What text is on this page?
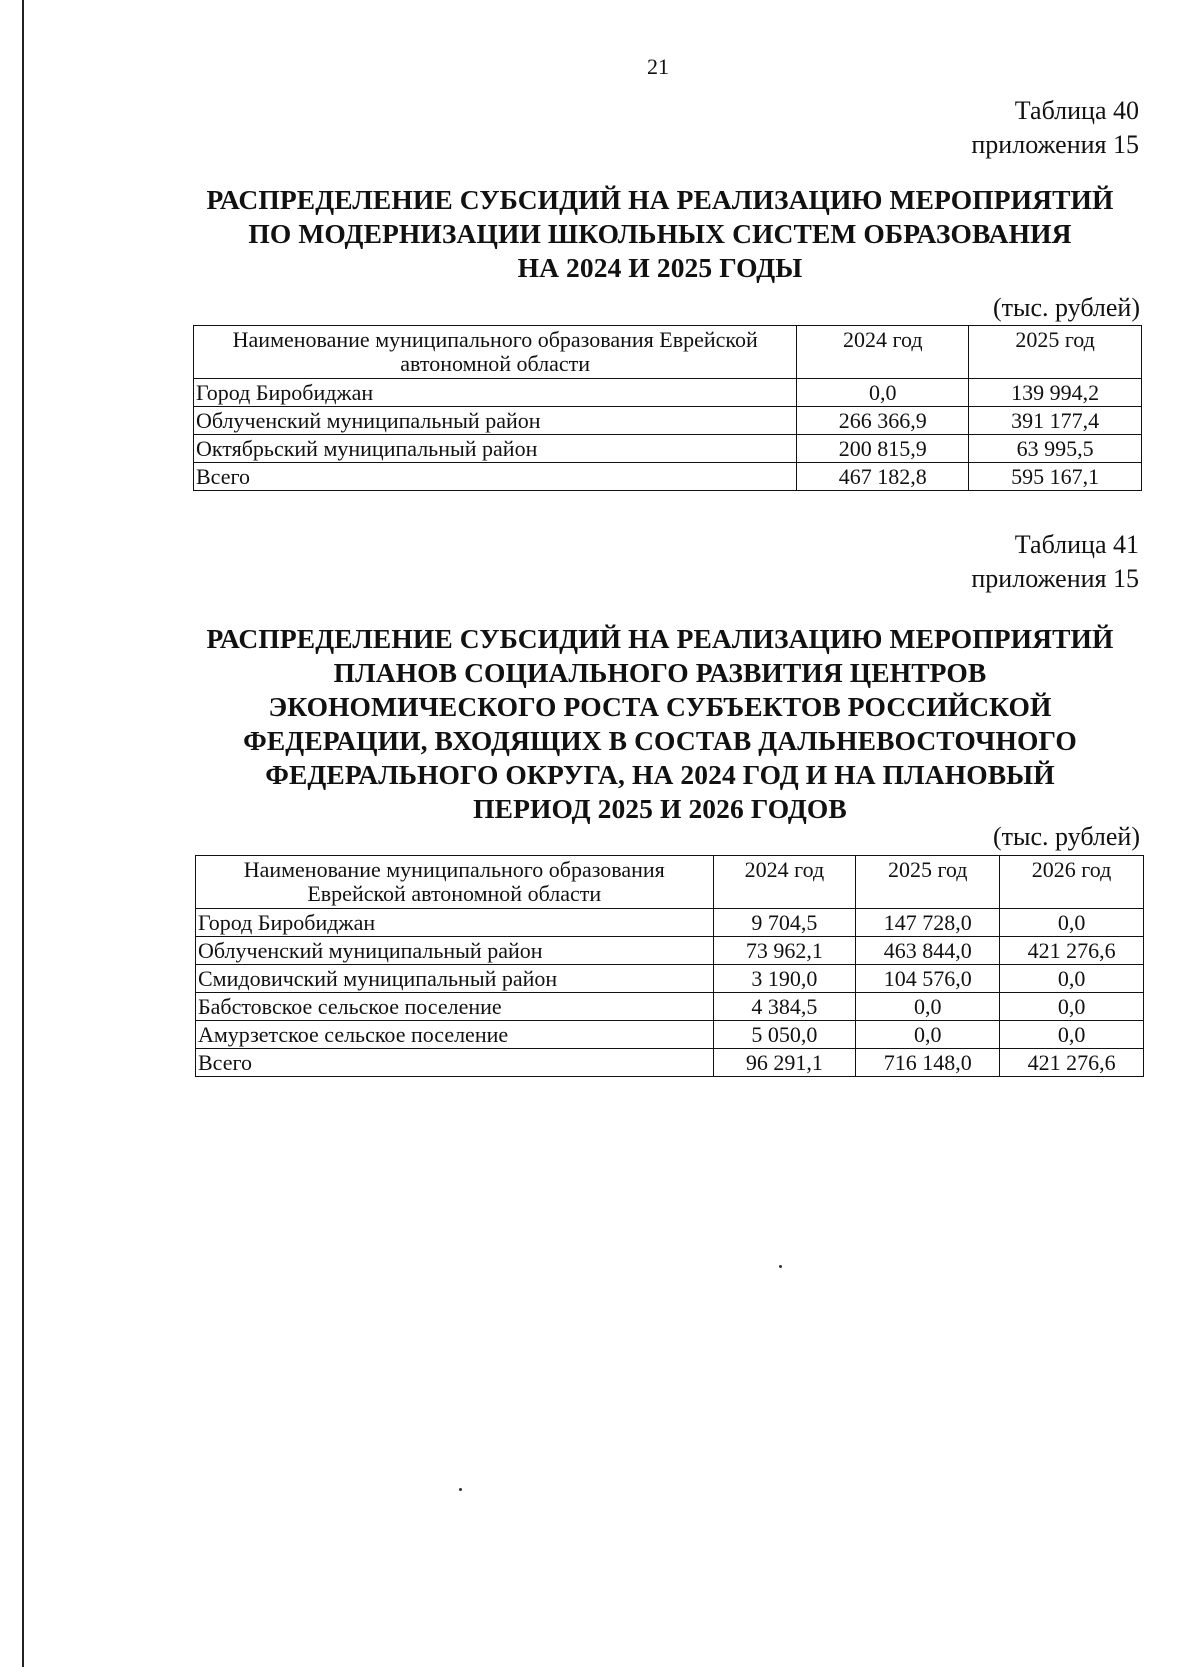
21
Таблица 40
приложения 15
РАСПРЕДЕЛЕНИЕ СУБСИДИЙ НА РЕАЛИЗАЦИЮ МЕРОПРИЯТИЙ
ПО МОДЕРНИЗАЦИИ ШКОЛЬНЫХ СИСТЕМ ОБРАЗОВАНИЯ
НА 2024 И 2025 ГОДЫ
(тыс. рублей)
Наименование муниципального образования Еврейской автономной области	2024 год	2025 год
Город Биробиджан	0,0	139 994,2
Облученский муниципальный район	266 366,9	391 177,4
Октябрьский муниципальный район	200 815,9	63 995,5
Всего	467 182,8	595 167,1
Таблица 41
приложения 15
РАСПРЕДЕЛЕНИЕ СУБСИДИЙ НА РЕАЛИЗАЦИЮ МЕРОПРИЯТИЙ
ПЛАНОВ СОЦИАЛЬНОГО РАЗВИТИЯ ЦЕНТРОВ
ЭКОНОМИЧЕСКОГО РОСТА СУБЪЕКТОВ РОССИЙСКОЙ
ФЕДЕРАЦИИ, ВХОДЯЩИХ В СОСТАВ ДАЛЬНЕВОСТОЧНОГО
ФЕДЕРАЛЬНОГО ОКРУГА, НА 2024 ГОД И НА ПЛАНОВЫЙ
ПЕРИОД 2025 И 2026 ГОДОВ
(тыс. рублей)
Наименование муниципального образования Еврейской автономной области	2024 год	2025 год	2026 год
Город Биробиджан	9 704,5	147 728,0	0,0
Облученский муниципальный район	73 962,1	463 844,0	421 276,6
Смидовичский муниципальный район	3 190,0	104 576,0	0,0
Бабстовское сельское поселение	4 384,5	0,0	0,0
Амурзетское сельское поселение	5 050,0	0,0	0,0
Всего	96 291,1	716 148,0	421 276,6
